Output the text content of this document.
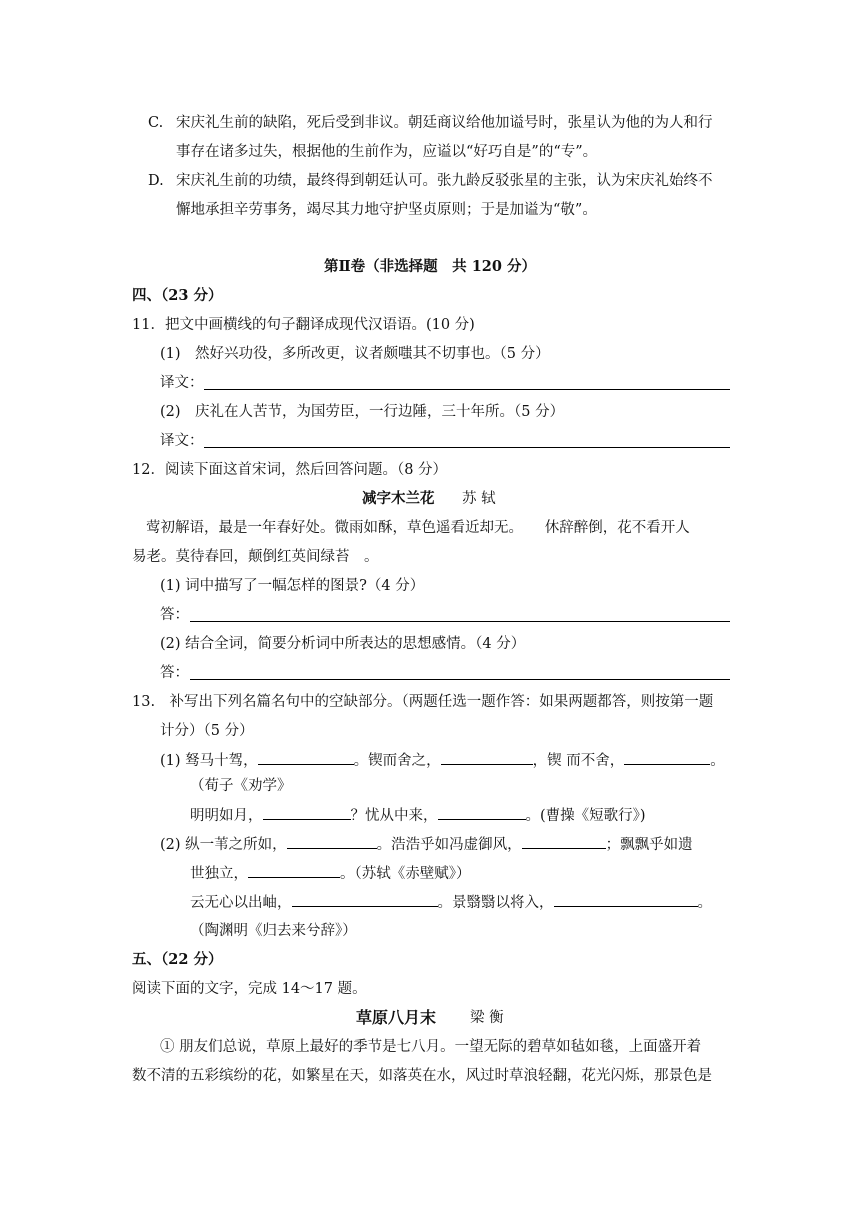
C. 宋庆礼生前的缺陷，死后受到非议。朝廷商议给他加谥号时，张星认为他的为人和行
事存在诸多过失，根据他的生前作为，应谥以“好巧自是”的“专”。
D. 宋庆礼生前的功绩，最终得到朝廷认可。张九龄反驳张星的主张，认为宋庆礼始终不
懈地承担辛劳事务，竭尽其力地守护坚贞原则；于是加谥为“敬”。
第Ⅱ卷（非选择题　共 120 分）
四、（23 分）
11．把文中画横线的句子翻译成现代汉语语。(10 分)
(1)　然好兴功役，多所改更，议者颇嗤其不切事也。（5 分）
译文：
(2)　庆礼在人苦节，为国劳臣，一行边陲，三十年所。（5 分）
译文：
12．阅读下面这首宋词，然后回答问题。（8 分）
减字木兰花 苏 轼
莺初解语，最是一年春好处。微雨如酥，草色遥看近却无。　　休辞醉倒，花不看开人
易老。莫待春回，颠倒红英间绿苔　。
(1) 词中描写了一幅怎样的图景?（4 分）
答：
(2) 结合全词，简要分析词中所表达的思想感情。（4 分）
答：
13.　补写出下列名篇名句中的空缺部分。（两题任选一题作答：如果两题都答，则按第一题
计分）（5 分）
(1) 驽马十驾，	。锲而舍之，	，锲 而不舍，	。
（荀子《劝学》
明明如月，	？忧从中来，	。(曹操《短歌行》)
(2) 纵一苇之所如，	。浩浩乎如冯虚御风，	；飘飘乎如遗
世独立，	。（苏轼《赤壁赋》）
云无心以出岫，	。景翳翳以将入，	。
（陶渊明《归去来兮辞》）
五、（22 分）
阅读下面的文字，完成 14～17 题。
草原八月末 梁 衡
① 朋友们总说，草原上最好的季节是七八月。一望无际的碧草如毡如毯，上面盛开着
数不清的五彩缤纷的花，如繁星在天，如落英在水，风过时草浪轻翻，花光闪烁，那景色是
